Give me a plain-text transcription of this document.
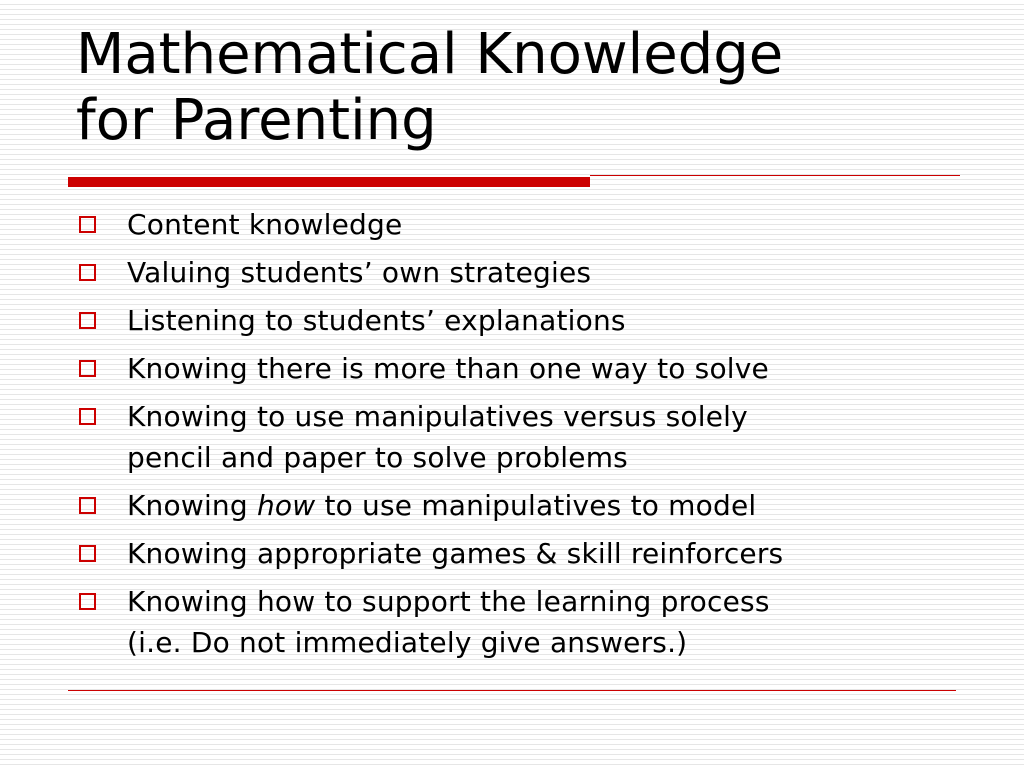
Mathematical Knowledge
for Parenting
Content knowledge
Valuing students’ own strategies
Listening to students’ explanations
Knowing there is more than one way to solve
Knowing to use manipulatives versus solely
pencil and paper to solve problems
Knowing how to use manipulatives to model
Knowing appropriate games & skill reinforcers
Knowing how to support the learning process
(i.e. Do not immediately give answers.)
